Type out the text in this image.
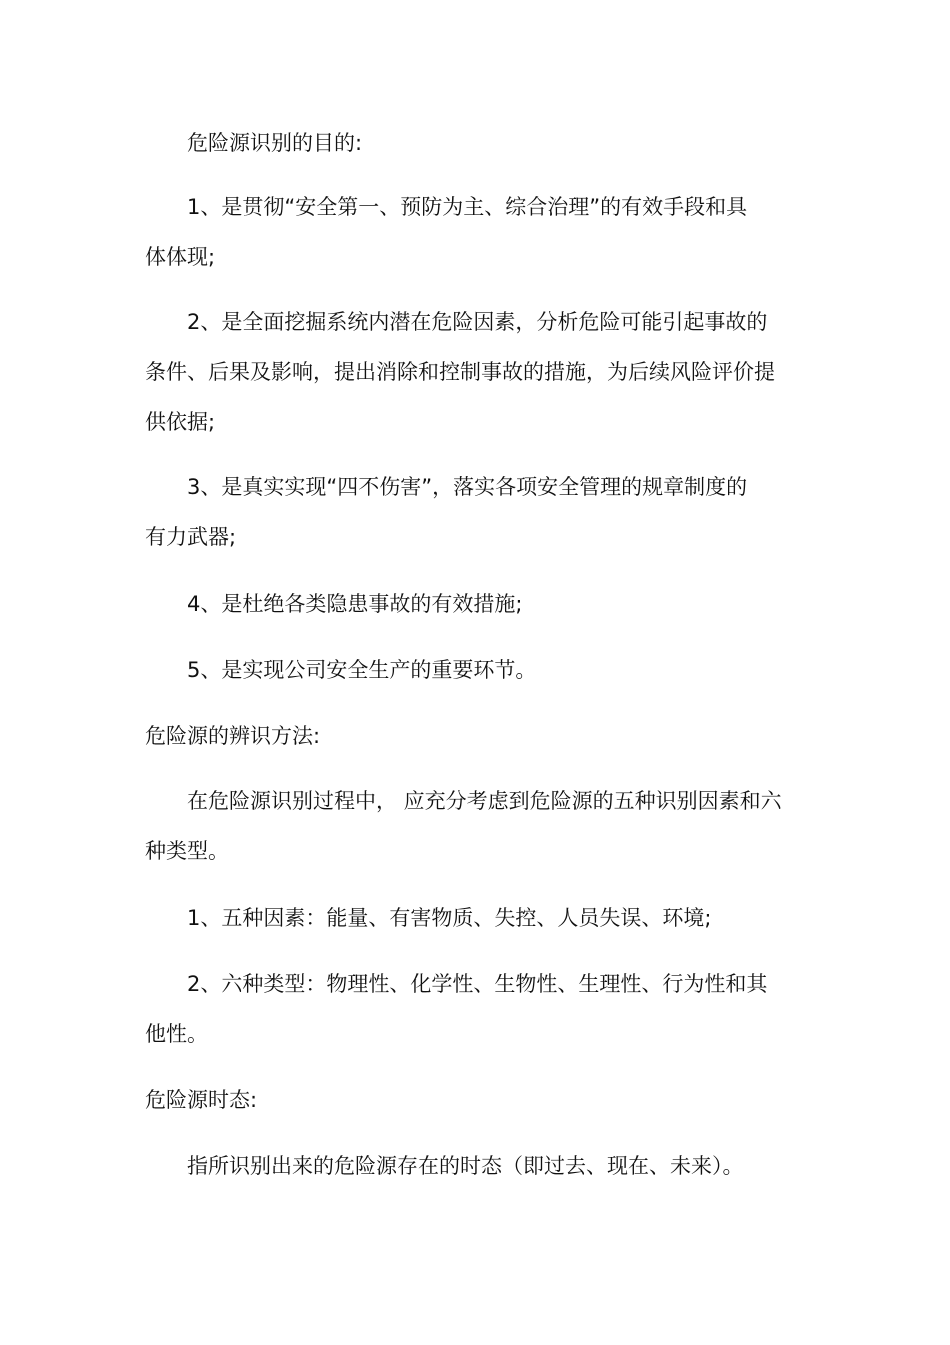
危险源识别的目的:
1、是贯彻“安全第一、预防为主、综合治理”的有效手段和具
体体现;
2、是全面挖掘系统内潜在危险因素，分析危险可能引起事故的
条件、后果及影响，提出消除和控制事故的措施，为后续风险评价提
供依据;
3、是真实实现“四不伤害”，落实各项安全管理的规章制度的
有力武器;
4、是杜绝各类隐患事故的有效措施;
5、是实现公司安全生产的重要环节。
危险源的辨识方法:
在危险源识别过程中， 应充分考虑到危险源的五种识别因素和六
种类型。
1、五种因素：能量、有害物质、失控、人员失误、环境;
2、六种类型：物理性、化学性、生物性、生理性、行为性和其
他性。
危险源时态:
指所识别出来的危险源存在的时态（即过去、现在、未来）。
